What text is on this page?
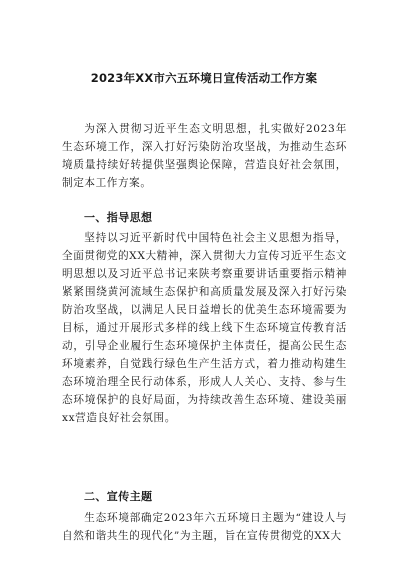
2023年XX市六五环境日宣传活动工作方案

为深入贯彻习近平生态文明思想，扎实做好2023年生态环境工作，深入打好污染防治攻坚战，为推动生态环境质量持续好转提供坚强舆论保障，营造良好社会氛围，制定本工作方案。

一、指导思想

坚持以习近平新时代中国特色社会主义思想为指导，全面贯彻党的XX大精神，深入贯彻大力宣传习近平生态文明思想以及习近平总书记来陕考察重要讲话重要指示精神紧紧围绕黄河流域生态保护和高质量发展及深入打好污染防治攻坚战，以满足人民日益增长的优美生态环境需要为目标，通过开展形式多样的线上线下生态环境宣传教育活动，引导企业履行生态环境保护主体责任，提高公民生态环境素养，自觉践行绿色生产生活方式，着力推动构建生态环境治理全民行动体系，形成人人关心、支持、参与生态环境保护的良好局面，为持续改善生态环境、建设美丽xx营造良好社会氛围。

二、宣传主题

生态环境部确定2023年六五环境日主题为“建设人与自然和谐共生的现代化”为主题，旨在宣传贯彻党的XX大
